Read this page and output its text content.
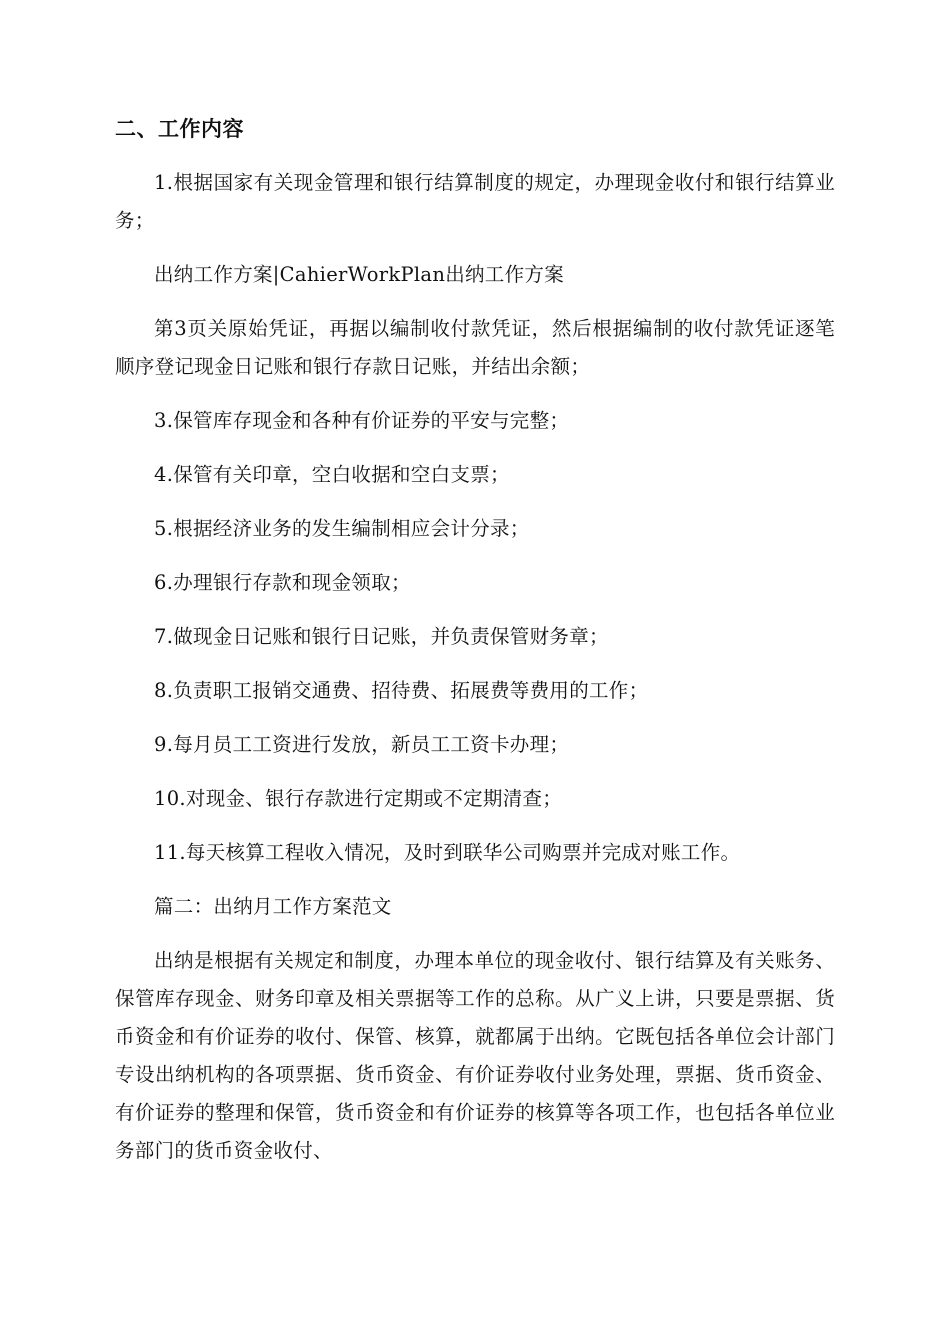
二、工作内容

1.根据国家有关现金管理和银行结算制度的规定，办理现金收付和银行结算业务；

出纳工作方案|CahierWorkPlan出纳工作方案

第3页关原始凭证，再据以编制收付款凭证，然后根据编制的收付款凭证逐笔顺序登记现金日记账和银行存款日记账，并结出余额；

3.保管库存现金和各种有价证券的平安与完整；

4.保管有关印章，空白收据和空白支票；

5.根据经济业务的发生编制相应会计分录；

6.办理银行存款和现金领取；

7.做现金日记账和银行日记账，并负责保管财务章；

8.负责职工报销交通费、招待费、拓展费等费用的工作；

9.每月员工工资进行发放，新员工工资卡办理；

10.对现金、银行存款进行定期或不定期清查；

11.每天核算工程收入情况，及时到联华公司购票并完成对账工作。

篇二：出纳月工作方案范文

出纳是根据有关规定和制度，办理本单位的现金收付、银行结算及有关账务、保管库存现金、财务印章及相关票据等工作的总称。从广义上讲，只要是票据、货币资金和有价证券的收付、保管、核算，就都属于出纳。它既包括各单位会计部门专设出纳机构的各项票据、货币资金、有价证券收付业务处理，票据、货币资金、有价证券的整理和保管，货币资金和有价证券的核算等各项工作，也包括各单位业务部门的货币资金收付、
